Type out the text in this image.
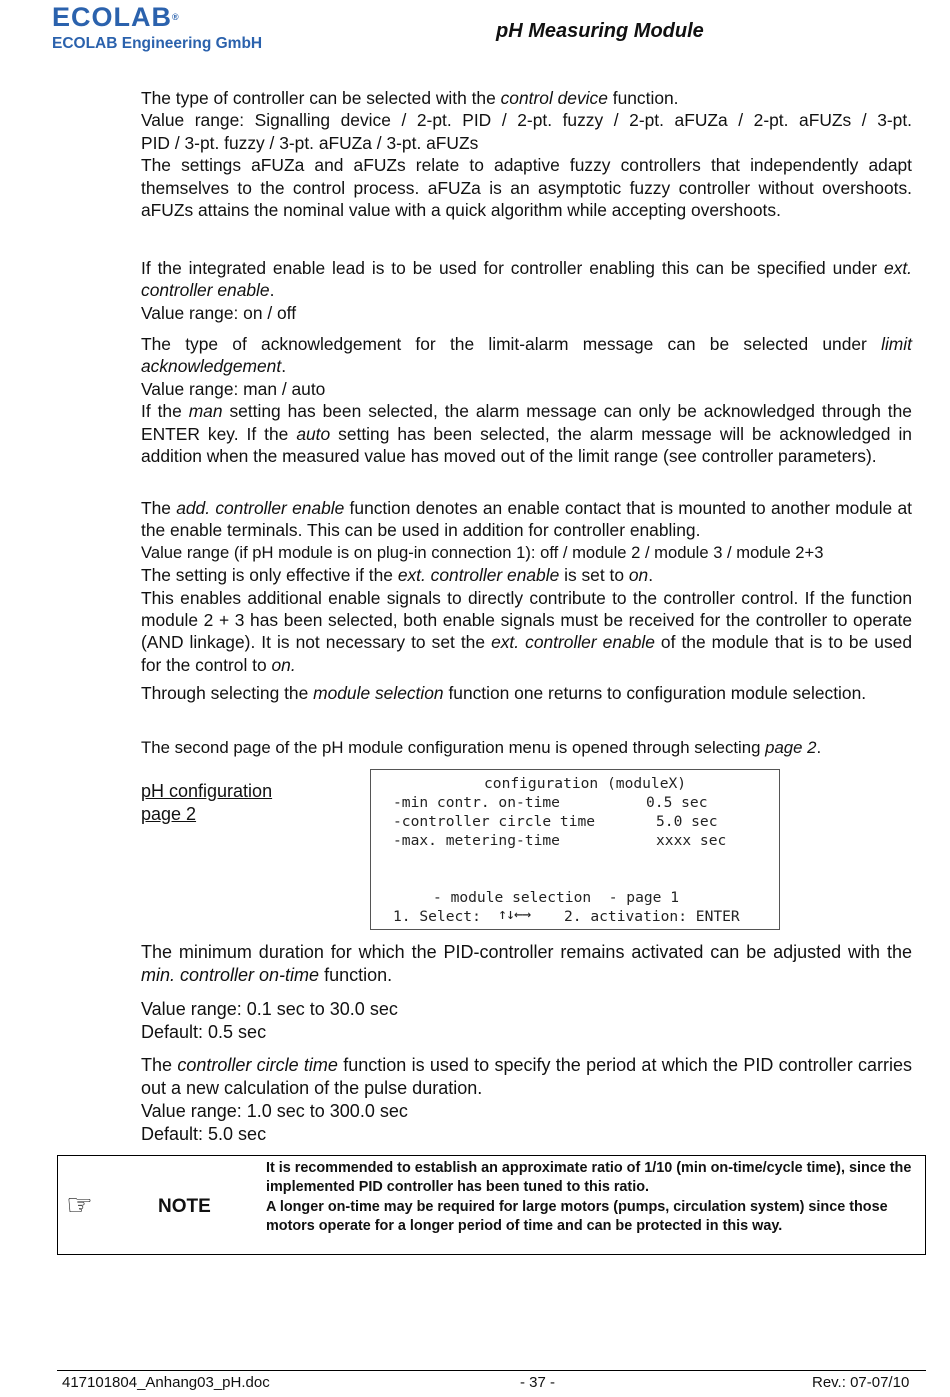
ECOLAB®
ECOLAB Engineering GmbH
pH Measuring Module
The type of controller can be selected with the control device function.

Value range: Signalling device / 2-pt. PID / 2-pt. fuzzy / 2-pt. aFUZa / 2-pt. aFUZs / 3-pt.
PID / 3-pt. fuzzy / 3-pt. aFUZa / 3-pt. aFUZs
The settings aFUZa and aFUZs relate to adaptive fuzzy controllers that independently adapt themselves to the control process. aFUZa is an asymptotic fuzzy controller without overshoots. aFUZs attains the nominal value with a quick algorithm while accepting overshoots.
If the integrated enable lead is to be used for controller enabling this can be specified under ext. controller enable.
Value range: on / off
The type of acknowledgement for the limit-alarm message can be selected under limit acknowledgement.
Value range: man / auto
If the man setting has been selected, the alarm message can only be acknowledged through the ENTER key. If the auto setting has been selected, the alarm message will be acknowledged in addition when the measured value has moved out of the limit range (see controller parameters).
The add. controller enable function denotes an enable contact that is mounted to another module at the enable terminals. This can be used in addition for controller enabling.

Value range (if pH module is on plug-in connection 1): off / module 2 / module 3 / module 2+3
The setting is only effective if the ext. controller enable is set to on.
This enables additional enable signals to directly contribute to the controller control. If the function module 2 + 3 has been selected, both enable signals must be received for the controller to operate (AND linkage). It is not necessary to set the ext. controller enable of the module that is to be used for the control to on.
Through selecting the module selection function one returns to configuration module selection.
The second page of the pH module configuration menu is opened through selecting page 2.
pH configuration
page 2
configuration (moduleX)
-min contr. on-time	0.5 sec
-controller circle time	5.0 sec
-max. metering-time	xxxx sec
- module selection  - page 1
1. Select: ↑↓←→ 2. activation: ENTER
The minimum duration for which the PID-controller remains activated can be adjusted with the min. controller on-time function.
Value range: 0.1 sec to 30.0 sec
Default: 0.5 sec
The controller circle time function is used to specify the period at which the PID controller carries out a new calculation of the pulse duration.
Value range: 1.0 sec to 300.0 sec
Default: 5.0 sec
☞	NOTE
It is recommended to establish an approximate ratio of 1/10 (min on-time/cycle time), since the implemented PID controller has been tuned to this ratio.
A longer on-time may be required for large motors (pumps, circulation system) since those motors operate for a longer period of time and can be protected in this way.
417101804_Anhang03_pH.doc	- 37 -	Rev.: 07-07/10
